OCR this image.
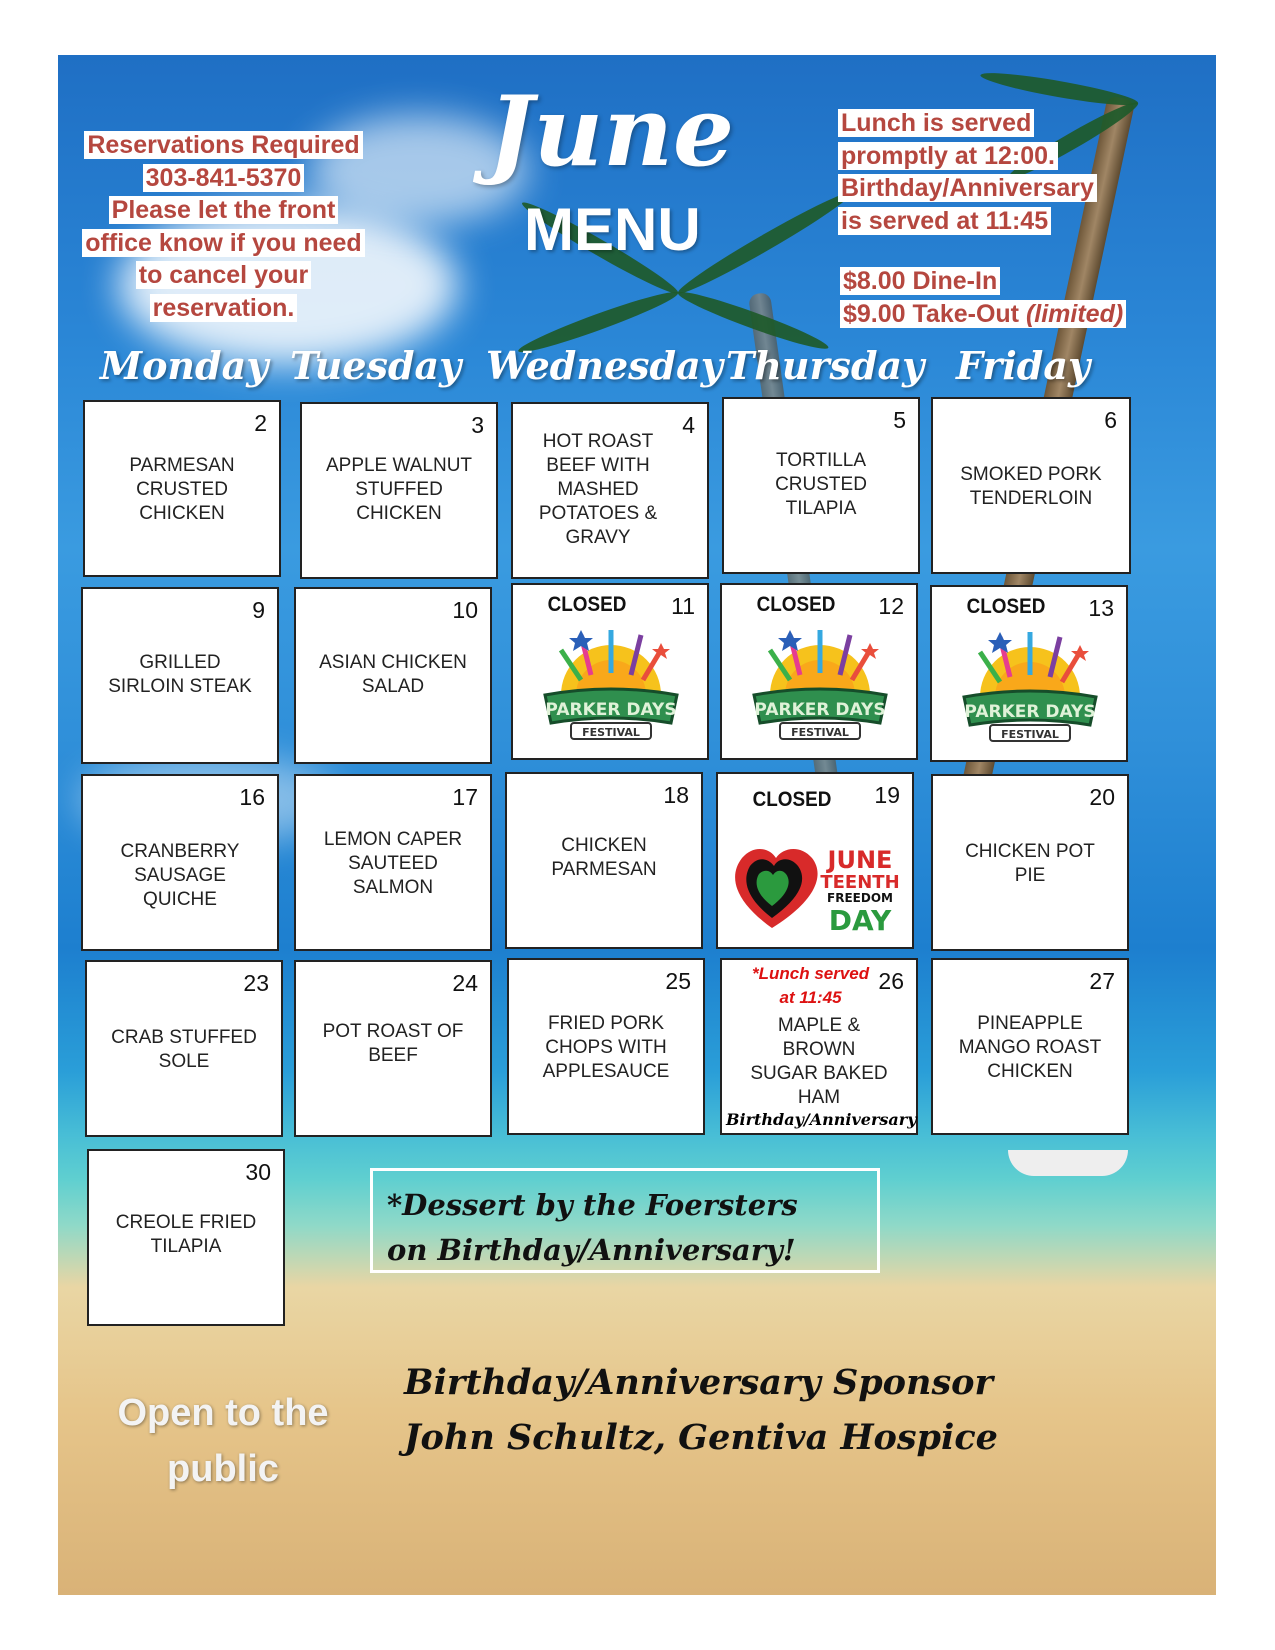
June
MENU
Reservations Required
303-841-5370
Please let the front
office know if you need
to cancel your
reservation.
Lunch is served
promptly at 12:00.
Birthday/Anniversary
is served at 11:45
$8.00 Dine-In
$9.00 Take-Out (limited)
Monday Tuesday Wednesday Thursday Friday
2
PARMESAN
CRUSTED
CHICKEN
3
APPLE WALNUT
STUFFED
CHICKEN
4
HOT ROAST
BEEF WITH
MASHED
POTATOES &
GRAVY
5
TORTILLA
CRUSTED
TILAPIA
6
SMOKED PORK
TENDERLOIN
9
GRILLED
SIRLOIN STEAK
10
ASIAN CHICKEN
SALAD
11
CLOSED
PARKER DAYS
FESTIVAL
12
CLOSED
PARKER DAYS
FESTIVAL
13
CLOSED
PARKER DAYS
FESTIVAL
16
CRANBERRY
SAUSAGE
QUICHE
17
LEMON CAPER
SAUTEED
SALMON
18
CHICKEN
PARMESAN
19
CLOSED
JUNE
TEENTH
FREEDOM
DAY
20
CHICKEN POT
PIE
23
CRAB STUFFED
SOLE
24
POT ROAST OF
BEEF
25
FRIED PORK
CHOPS WITH
APPLESAUCE
26
*Lunch served
at 11:45
MAPLE &
BROWN
SUGAR BAKED
HAM
Birthday/Anniversary
27
PINEAPPLE
MANGO ROAST
CHICKEN
30
CREOLE FRIED
TILAPIA
*Dessert by the Foersters
on Birthday/Anniversary!
Open to the
public
Birthday/Anniversary Sponsor
John Schultz, Gentiva Hospice
